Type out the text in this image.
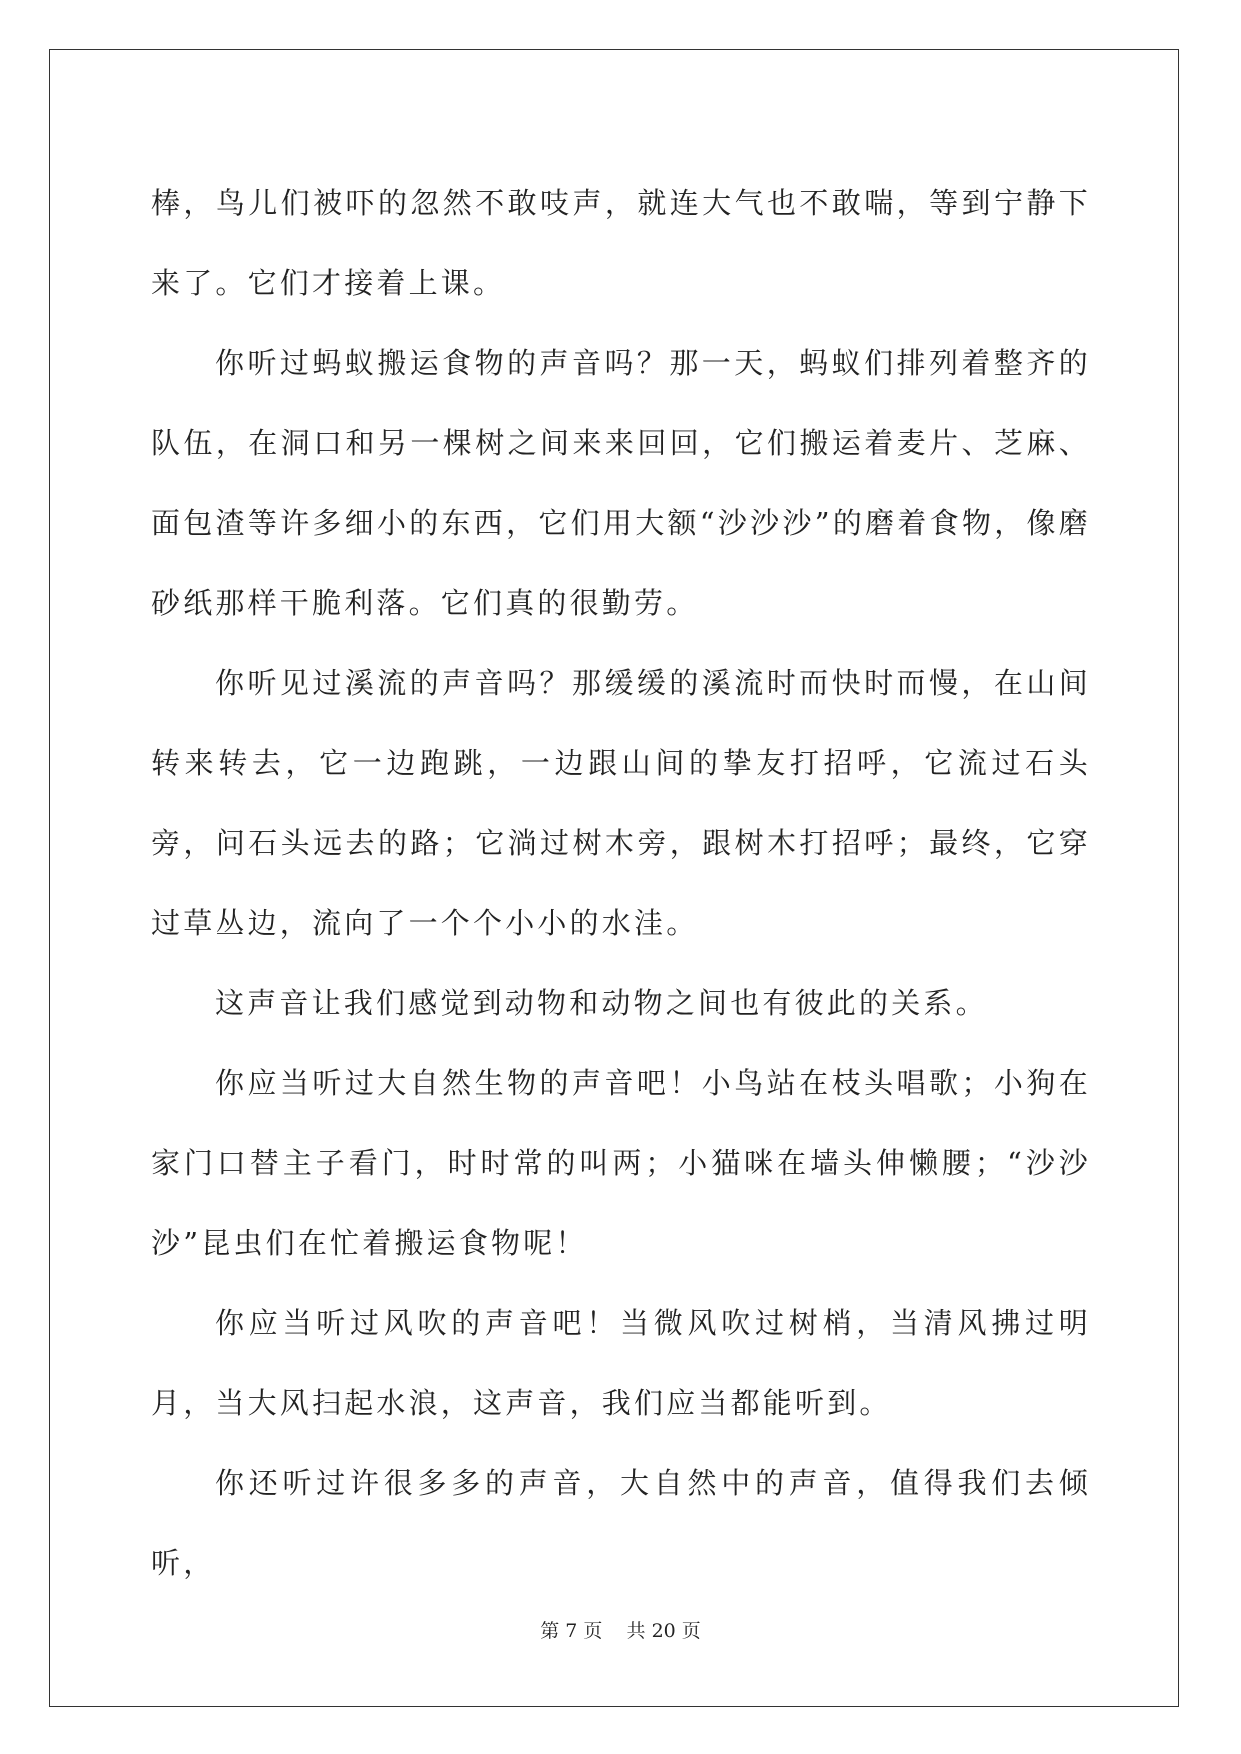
棒，鸟儿们被吓的忽然不敢吱声，就连大气也不敢喘，等到宁静下来了。它们才接着上课。

你听过蚂蚁搬运食物的声音吗？那一天，蚂蚁们排列着整齐的队伍，在洞口和另一棵树之间来来回回，它们搬运着麦片、芝麻、面包渣等许多细小的东西，它们用大额“沙沙沙”的磨着食物，像磨砂纸那样干脆利落。它们真的很勤劳。

你听见过溪流的声音吗？那缓缓的溪流时而快时而慢，在山间转来转去，它一边跑跳，一边跟山间的挚友打招呼，它流过石头旁，问石头远去的路；它淌过树木旁，跟树木打招呼；最终，它穿过草丛边，流向了一个个小小的水洼。

这声音让我们感觉到动物和动物之间也有彼此的关系。

你应当听过大自然生物的声音吧！小鸟站在枝头唱歌；小狗在家门口替主子看门，时时常的叫两；小猫咪在墙头伸懒腰；“沙沙沙”昆虫们在忙着搬运食物呢！

你应当听过风吹的声音吧！当微风吹过树梢，当清风拂过明月，当大风扫起水浪，这声音，我们应当都能听到。

你还听过许很多多的声音，大自然中的声音，值得我们去倾听，

第 7 页    共 20 页
